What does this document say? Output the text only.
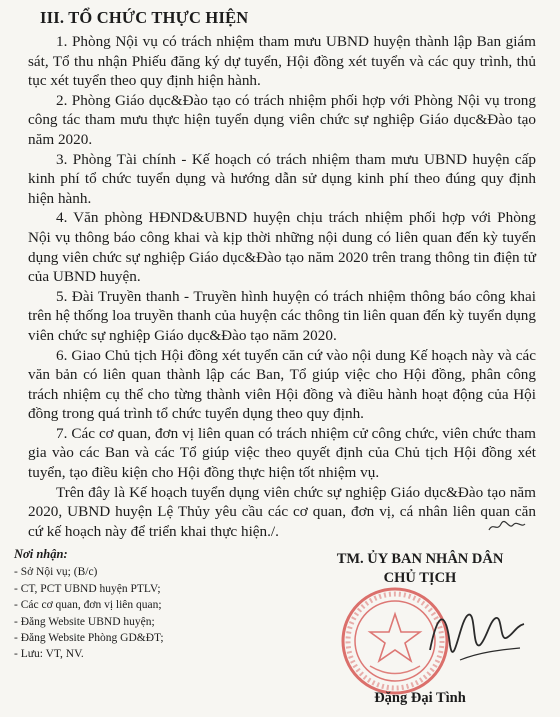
III. TỔ CHỨC THỰC HIỆN

1. Phòng Nội vụ có trách nhiệm tham mưu UBND huyện thành lập Ban giám sát, Tổ thu nhận Phiếu đăng ký dự tuyển, Hội đồng xét tuyển và các quy trình, thủ tục xét tuyển theo quy định hiện hành.

2. Phòng Giáo dục&Đào tạo có trách nhiệm phối hợp với Phòng Nội vụ trong công tác tham mưu thực hiện tuyển dụng viên chức sự nghiệp Giáo dục&Đào tạo năm 2020.

3. Phòng Tài chính - Kế hoạch có trách nhiệm tham mưu UBND huyện cấp kinh phí tổ chức tuyển dụng và hướng dẫn sử dụng kinh phí theo đúng quy định hiện hành.

4. Văn phòng HĐND&UBND huyện chịu trách nhiệm phối hợp với Phòng Nội vụ thông báo công khai và kịp thời những nội dung có liên quan đến kỳ tuyển dụng viên chức sự nghiệp Giáo dục&Đào tạo năm 2020 trên trang thông tin điện tử của UBND huyện.

5. Đài Truyền thanh - Truyền hình huyện có trách nhiệm thông báo công khai trên hệ thống loa truyền thanh của huyện các thông tin liên quan đến kỳ tuyển dụng viên chức sự nghiệp Giáo dục&Đào tạo năm 2020.

6. Giao Chủ tịch Hội đồng xét tuyển căn cứ vào nội dung Kế hoạch này và các văn bản có liên quan thành lập các Ban, Tổ giúp việc cho Hội đồng, phân công trách nhiệm cụ thể cho từng thành viên Hội đồng và điều hành hoạt động của Hội đồng trong quá trình tổ chức tuyển dụng theo quy định.

7. Các cơ quan, đơn vị liên quan có trách nhiệm cử công chức, viên chức tham gia vào các Ban và các Tổ giúp việc theo quyết định của Chủ tịch Hội đồng xét tuyển, tạo điều kiện cho Hội đồng thực hiện tốt nhiệm vụ.

Trên đây là Kế hoạch tuyển dụng viên chức sự nghiệp Giáo dục&Đào tạo năm 2020, UBND huyện Lệ Thủy yêu cầu các cơ quan, đơn vị, cá nhân liên quan căn cứ kế hoạch này để triển khai thực hiện./.

Nơi nhận:
- Sở Nội vụ; (B/c)
- CT, PCT UBND huyện PTLV;
- Các cơ quan, đơn vị liên quan;
- Đăng Website UBND huyện;
- Đăng Website Phòng GD&ĐT;
- Lưu: VT, NV.
TM. ỦY BAN NHÂN DÂN
CHỦ TỊCH
Đặng Đại Tình
